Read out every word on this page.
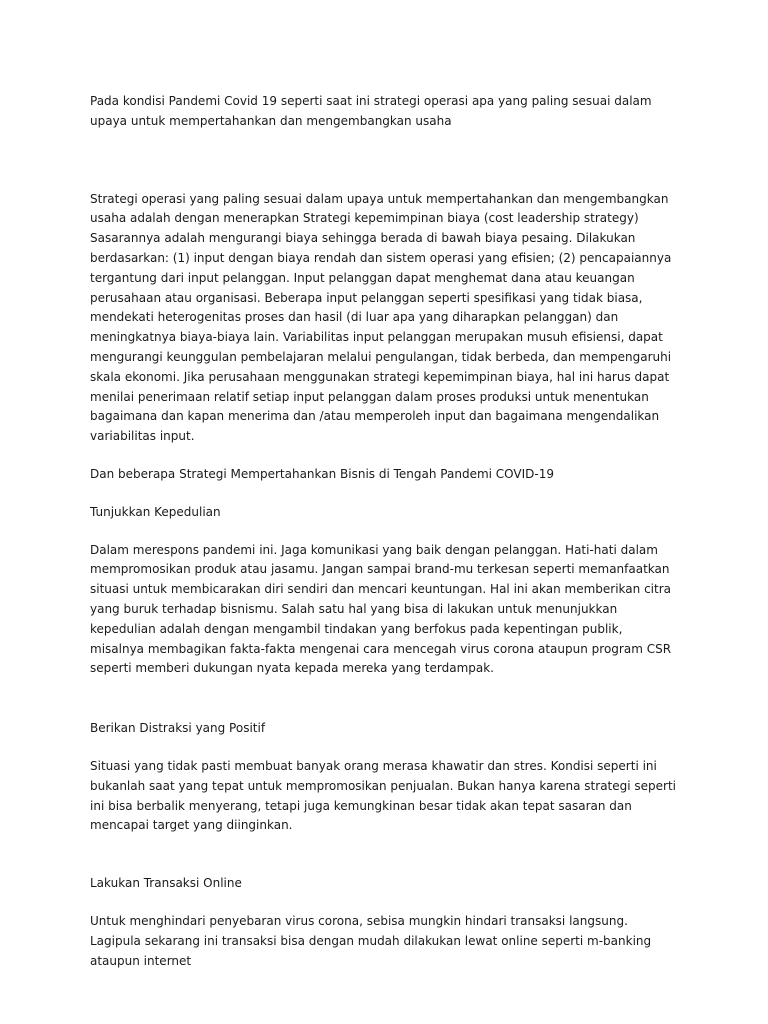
Pada kondisi Pandemi Covid 19 seperti saat ini strategi operasi apa yang paling sesuai dalam upaya untuk mempertahankan dan mengembangkan usaha

Strategi operasi yang paling sesuai dalam upaya untuk mempertahankan dan mengembangkan usaha adalah dengan menerapkan Strategi kepemimpinan biaya (cost leadership strategy) Sasarannya adalah mengurangi biaya sehingga berada di bawah biaya pesaing. Dilakukan berdasarkan: (1) input dengan biaya rendah dan sistem operasi yang efisien; (2) pencapaiannya tergantung dari input pelanggan. Input pelanggan dapat menghemat dana atau keuangan perusahaan atau organisasi. Beberapa input pelanggan seperti spesifikasi yang tidak biasa, mendekati heterogenitas proses dan hasil (di luar apa yang diharapkan pelanggan) dan meningkatnya biaya-biaya lain. Variabilitas input pelanggan merupakan musuh efisiensi, dapat mengurangi keunggulan pembelajaran melalui pengulangan, tidak berbeda, dan mempengaruhi skala ekonomi. Jika perusahaan menggunakan strategi kepemimpinan biaya, hal ini harus dapat menilai penerimaan relatif setiap input pelanggan dalam proses produksi untuk menentukan bagaimana dan kapan menerima dan /atau memperoleh input dan bagaimana mengendalikan variabilitas input.

Dan beberapa Strategi Mempertahankan Bisnis di Tengah Pandemi COVID-19

Tunjukkan Kepedulian

Dalam merespons pandemi ini. Jaga komunikasi yang baik dengan pelanggan. Hati-hati dalam mempromosikan produk atau jasamu. Jangan sampai brand-mu terkesan seperti memanfaatkan situasi untuk membicarakan diri sendiri dan mencari keuntungan. Hal ini akan memberikan citra yang buruk terhadap bisnismu. Salah satu hal yang bisa di lakukan untuk menunjukkan kepedulian adalah dengan mengambil tindakan yang berfokus pada kepentingan publik, misalnya membagikan fakta-fakta mengenai cara mencegah virus corona ataupun program CSR seperti memberi dukungan nyata kepada mereka yang terdampak.

Berikan Distraksi yang Positif

Situasi yang tidak pasti membuat banyak orang merasa khawatir dan stres. Kondisi seperti ini bukanlah saat yang tepat untuk mempromosikan penjualan. Bukan hanya karena strategi seperti ini bisa berbalik menyerang, tetapi juga kemungkinan besar tidak akan tepat sasaran dan mencapai target yang diinginkan.

Lakukan Transaksi Online

Untuk menghindari penyebaran virus corona, sebisa mungkin hindari transaksi langsung. Lagipula sekarang ini transaksi bisa dengan mudah dilakukan lewat online seperti m-banking ataupun internet
